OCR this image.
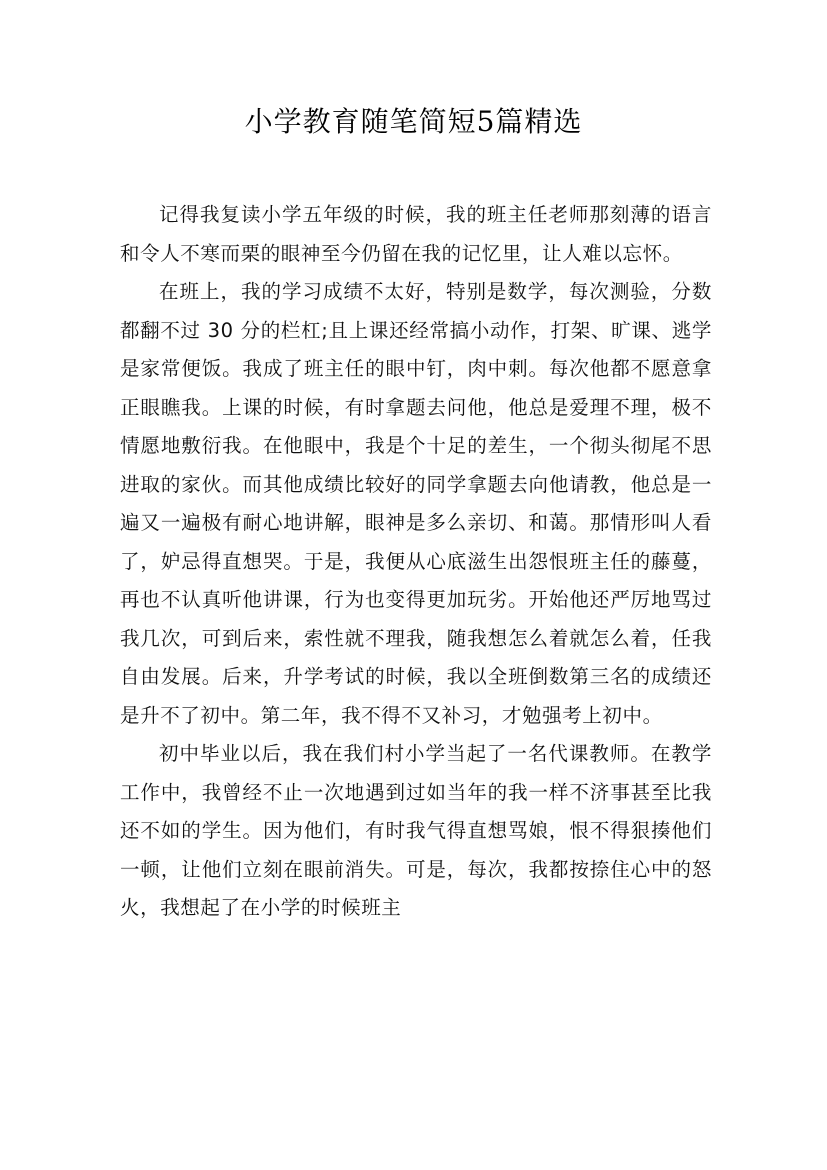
小学教育随笔简短5篇精选

记得我复读小学五年级的时候，我的班主任老师那刻薄的语言和令人不寒而栗的眼神至今仍留在我的记忆里，让人难以忘怀。

在班上，我的学习成绩不太好，特别是数学，每次测验，分数都翻不过 30 分的栏杠;且上课还经常搞小动作，打架、旷课、逃学是家常便饭。我成了班主任的眼中钉，肉中刺。每次他都不愿意拿正眼瞧我。上课的时候，有时拿题去问他，他总是爱理不理，极不情愿地敷衍我。在他眼中，我是个十足的差生，一个彻头彻尾不思进取的家伙。而其他成绩比较好的同学拿题去向他请教，他总是一遍又一遍极有耐心地讲解，眼神是多么亲切、和蔼。那情形叫人看了，妒忌得直想哭。于是，我便从心底滋生出怨恨班主任的藤蔓，再也不认真听他讲课，行为也变得更加玩劣。开始他还严厉地骂过我几次，可到后来，索性就不理我，随我想怎么着就怎么着，任我自由发展。后来，升学考试的时候，我以全班倒数第三名的成绩还是升不了初中。第二年，我不得不又补习，才勉强考上初中。

初中毕业以后，我在我们村小学当起了一名代课教师。在教学工作中，我曾经不止一次地遇到过如当年的我一样不济事甚至比我还不如的学生。因为他们，有时我气得直想骂娘，恨不得狠揍他们一顿，让他们立刻在眼前消失。可是，每次，我都按捺住心中的怒火，我想起了在小学的时候班主
